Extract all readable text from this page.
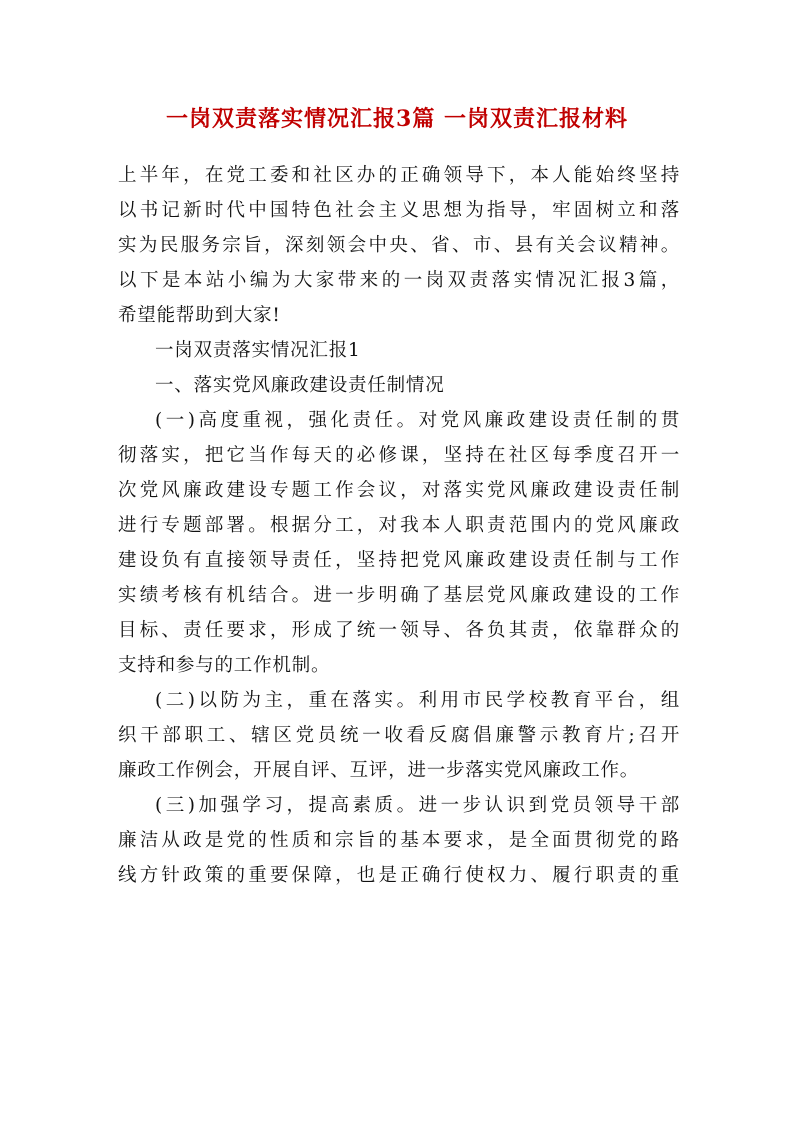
一岗双责落实情况汇报3篇 一岗双责汇报材料
上半年，在党工委和社区办的正确领导下，本人能始终坚持
以书记新时代中国特色社会主义思想为指导，牢固树立和落
实为民服务宗旨，深刻领会中央、省、市、县有关会议精神。
以下是本站小编为大家带来的一岗双责落实情况汇报3篇，
希望能帮助到大家!
一岗双责落实情况汇报1
一、落实党风廉政建设责任制情况
(一)高度重视，强化责任。对党风廉政建设责任制的贯
彻落实，把它当作每天的必修课，坚持在社区每季度召开一
次党风廉政建设专题工作会议，对落实党风廉政建设责任制
进行专题部署。根据分工，对我本人职责范围内的党风廉政
建设负有直接领导责任，坚持把党风廉政建设责任制与工作
实绩考核有机结合。进一步明确了基层党风廉政建设的工作
目标、责任要求，形成了统一领导、各负其责，依靠群众的
支持和参与的工作机制。
(二)以防为主，重在落实。利用市民学校教育平台，组
织干部职工、辖区党员统一收看反腐倡廉警示教育片;召开
廉政工作例会，开展自评、互评，进一步落实党风廉政工作。
(三)加强学习，提高素质。进一步认识到党员领导干部
廉洁从政是党的性质和宗旨的基本要求，是全面贯彻党的路
线方针政策的重要保障，也是正确行使权力、履行职责的重
